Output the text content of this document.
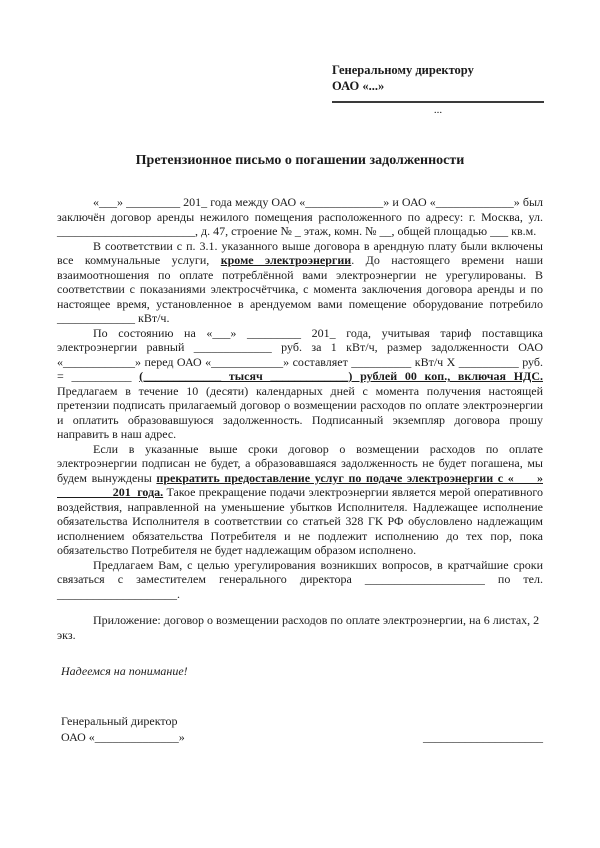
Генеральному директору
ОАО «...»
...
Претензионное письмо о погашении задолженности

«___» _________ 201_ года между ОАО «_____________» и ОАО «_____________» был заключён договор аренды нежилого помещения расположенного по адресу: г. Москва, ул. _______________________, д. 47, строение № _ этаж, комн. № __, общей площадью ___ кв.м.

В соответствии с п. 3.1. указанного выше договора в арендную плату были включены все коммунальные услуги, кроме электроэнергии. До настоящего времени наши взаимоотношения по оплате потреблённой вами электроэнергии не урегулированы. В соответствии с показаниями электросчётчика, с момента заключения договора аренды и по настоящее время, установленное в арендуемом вами помещение оборудование потребило _____________ кВт/ч.

По состоянию на «___» _________ 201_ года, учитывая тариф поставщика электроэнергии равный _____________ руб. за 1 кВт/ч, размер задолженности ОАО «____________» перед ОАО «____________» составляет __________ кВт/ч Х __________ руб. = __________ (_____________ тысяч _____________) рублей 00 коп., включая НДС. Предлагаем в течение 10 (десяти) календарных дней с момента получения настоящей претензии подписать прилагаемый договор о возмещении расходов по оплате электроэнергии и оплатить образовавшуюся задолженность. Подписанный экземпляр договора прошу направить в наш адрес.

Если в указанные выше сроки договор о возмещении расходов по оплате электроэнергии подписан не будет, а образовавшаяся задолженность не будет погашена, мы будем вынуждены прекратить предоставление услуг по подаче электроэнергии с «     »                  201  года. Такое прекращение подачи электроэнергии является мерой оперативного воздействия, направленной на уменьшение убытков Исполнителя. Надлежащее исполнение обязательства Исполнителя в соответствии со статьей 328 ГК РФ обусловлено надлежащим исполнением обязательства Потребителя и не подлежит исполнению до тех пор, пока обязательство Потребителя не будет надлежащим образом исполнено.

Предлагаем Вам, с целью урегулирования возникших вопросов, в кратчайшие сроки связаться с заместителем генерального директора ____________________ по тел. ____________________.

Приложение: договор о возмещении расходов по оплате электроэнергии, на 6 листах, 2 экз.

Надеемся на понимание!

Генеральный директор
ОАО «______________»	____________________
